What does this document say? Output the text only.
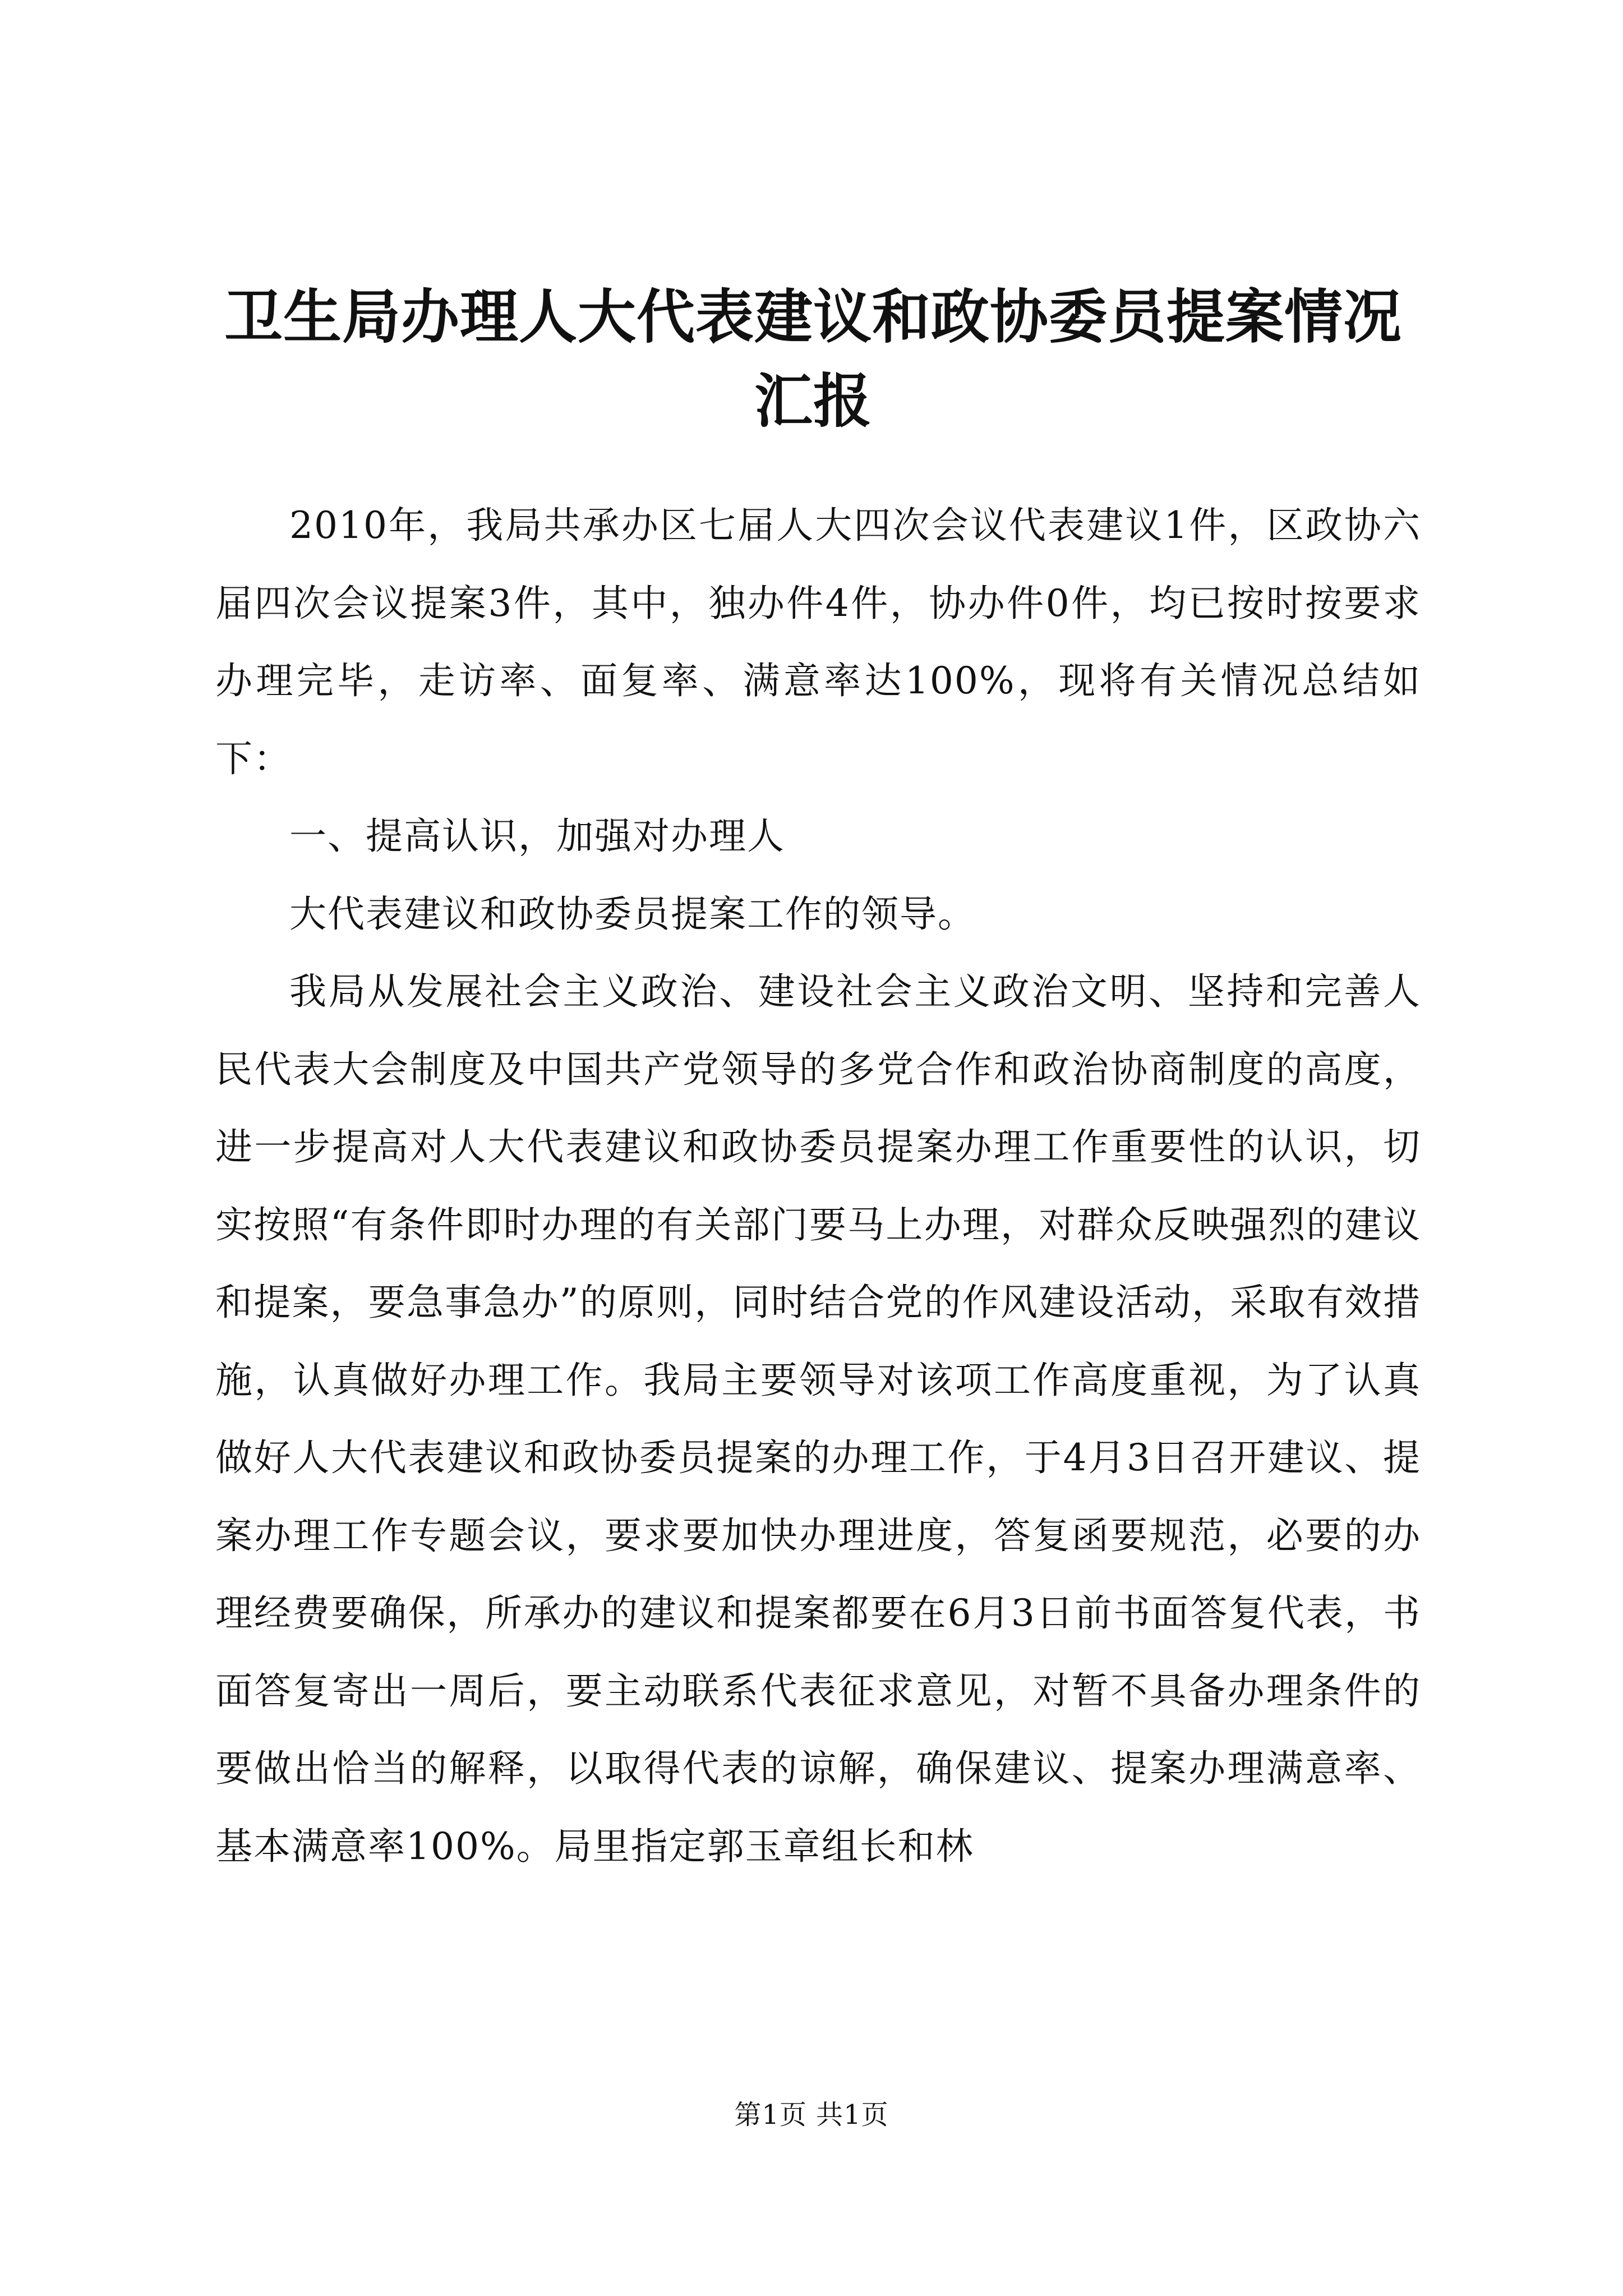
卫生局办理人大代表建议和政协委员提案情况汇报

2010年，我局共承办区七届人大四次会议代表建议1件，区政协六届四次会议提案3件，其中，独办件4件，协办件0件，均已按时按要求办理完毕，走访率、面复率、满意率达100%，现将有关情况总结如下：

一、提高认识，加强对办理人

大代表建议和政协委员提案工作的领导。

我局从发展社会主义政治、建设社会主义政治文明、坚持和完善人民代表大会制度及中国共产党领导的多党合作和政治协商制度的高度，进一步提高对人大代表建议和政协委员提案办理工作重要性的认识，切实按照“有条件即时办理的有关部门要马上办理，对群众反映强烈的建议和提案，要急事急办”的原则，同时结合党的作风建设活动，采取有效措施，认真做好办理工作。我局主要领导对该项工作高度重视，为了认真做好人大代表建议和政协委员提案的办理工作，于4月3日召开建议、提案办理工作专题会议，要求要加快办理进度，答复函要规范，必要的办理经费要确保，所承办的建议和提案都要在6月3日前书面答复代表，书面答复寄出一周后，要主动联系代表征求意见，对暂不具备办理条件的要做出恰当的解释，以取得代表的谅解，确保建议、提案办理满意率、基本满意率100%。局里指定郭玉章组长和林

第1页 共1页
